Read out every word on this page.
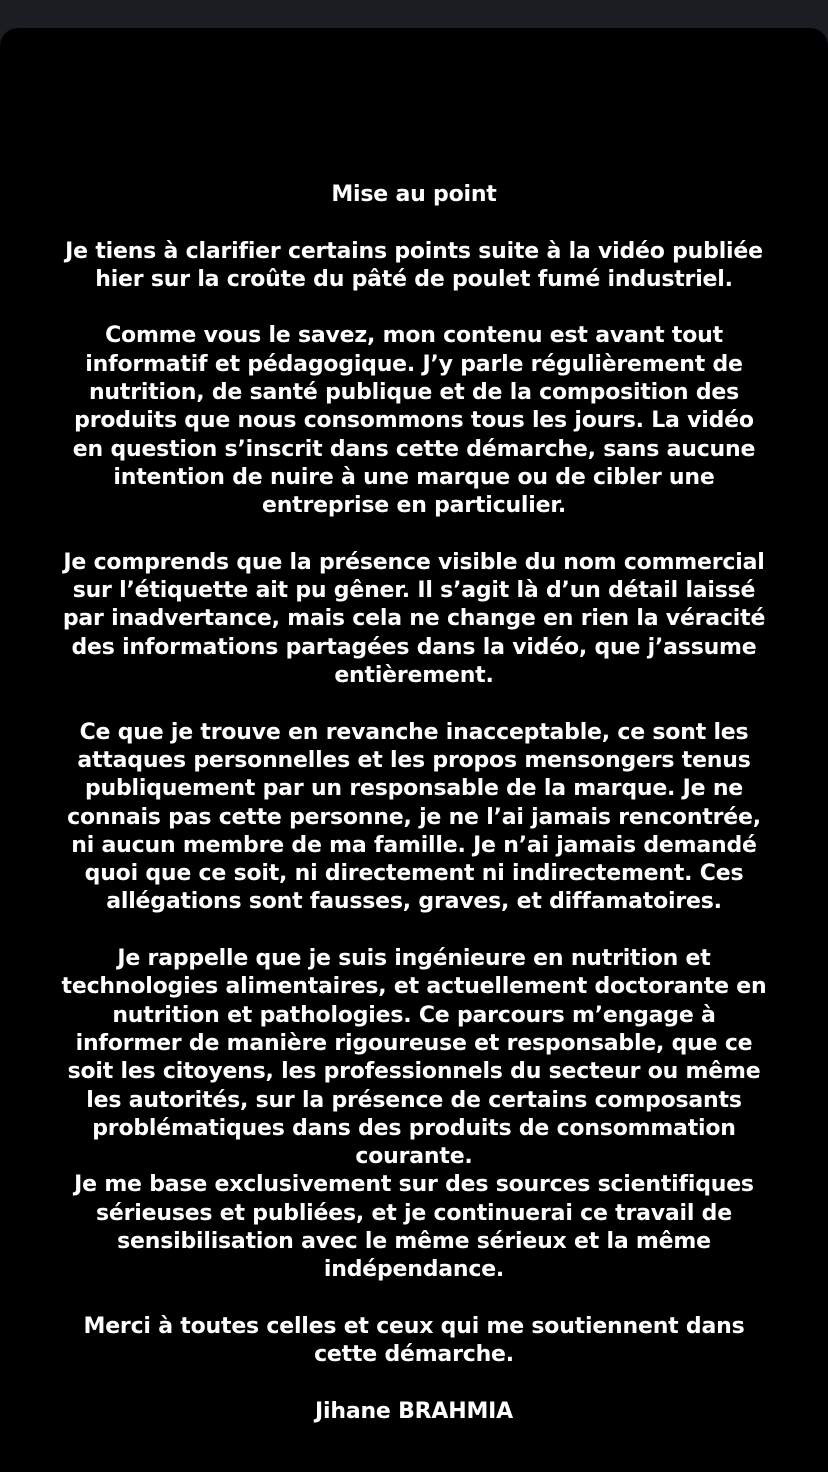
Mise au point

Je tiens à clarifier certains points suite à la vidéo publiée hier sur la croûte du pâté de poulet fumé industriel.

Comme vous le savez, mon contenu est avant tout informatif et pédagogique. J’y parle régulièrement de nutrition, de santé publique et de la composition des produits que nous consommons tous les jours. La vidéo en question s’inscrit dans cette démarche, sans aucune intention de nuire à une marque ou de cibler une entreprise en particulier.

Je comprends que la présence visible du nom commercial sur l’étiquette ait pu gêner. Il s’agit là d’un détail laissé par inadvertance, mais cela ne change en rien la véracité des informations partagées dans la vidéo, que j’assume entièrement.

Ce que je trouve en revanche inacceptable, ce sont les attaques personnelles et les propos mensongers tenus publiquement par un responsable de la marque. Je ne connais pas cette personne, je ne l’ai jamais rencontrée, ni aucun membre de ma famille. Je n’ai jamais demandé quoi que ce soit, ni directement ni indirectement. Ces allégations sont fausses, graves, et diffamatoires.

Je rappelle que je suis ingénieure en nutrition et technologies alimentaires, et actuellement doctorante en nutrition et pathologies. Ce parcours m’engage à informer de manière rigoureuse et responsable, que ce soit les citoyens, les professionnels du secteur ou même les autorités, sur la présence de certains composants problématiques dans des produits de consommation courante.

Je me base exclusivement sur des sources scientifiques sérieuses et publiées, et je continuerai ce travail de sensibilisation avec le même sérieux et la même indépendance.

Merci à toutes celles et ceux qui me soutiennent dans cette démarche.

Jihane BRAHMIA
